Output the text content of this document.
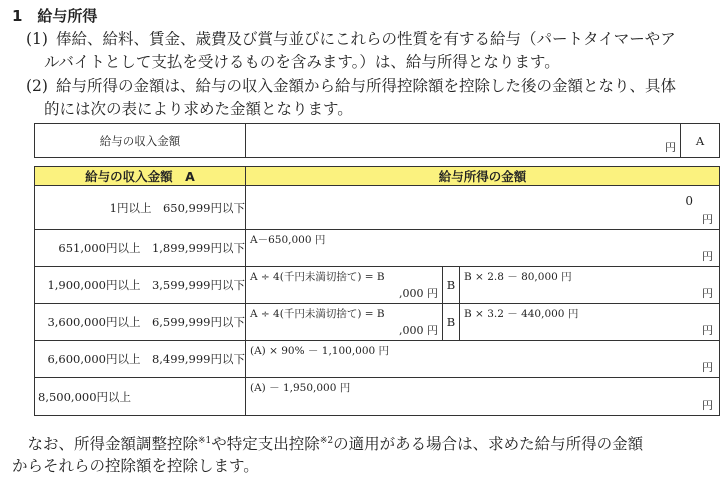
1　給与所得
(1) 俸給、給料、賃金、歳費及び賞与並びにこれらの性質を有する給与（パートタイマーやア
ルバイトとして支払を受けるものを含みます。）は、給与所得となります。
(2) 給与所得の金額は、給与の収入金額から給与所得控除額を控除した後の金額となり、具体
的には次の表により求めた金額となります。
給与の収入金額	円	A
給与の収入金額　A	給与所得の金額		
1円以上　650,999円以下	0
円		

651,000円以上　1,899,999円以下	A－650,000 円
円		

1,900,000円以上　3,599,999円以下	A ÷ 4(千円未満切捨て) = B
,000 円	B	B × 2.8 － 80,000 円
円

3,600,000円以上　6,599,999円以下	A ÷ 4(千円未満切捨て) = B
,000 円	B	B × 3.2 － 440,000 円
円

6,600,000円以上　8,499,999円以下	(A) × 90% － 1,100,000 円
円		

8,500,000円以上	(A) － 1,950,000 円
円		
　なお、所得金額調整控除$^{※1}$や特定支出控除$^{※2}$の適用がある場合は、求めた給与所得の金額
からそれらの控除額を控除します。
